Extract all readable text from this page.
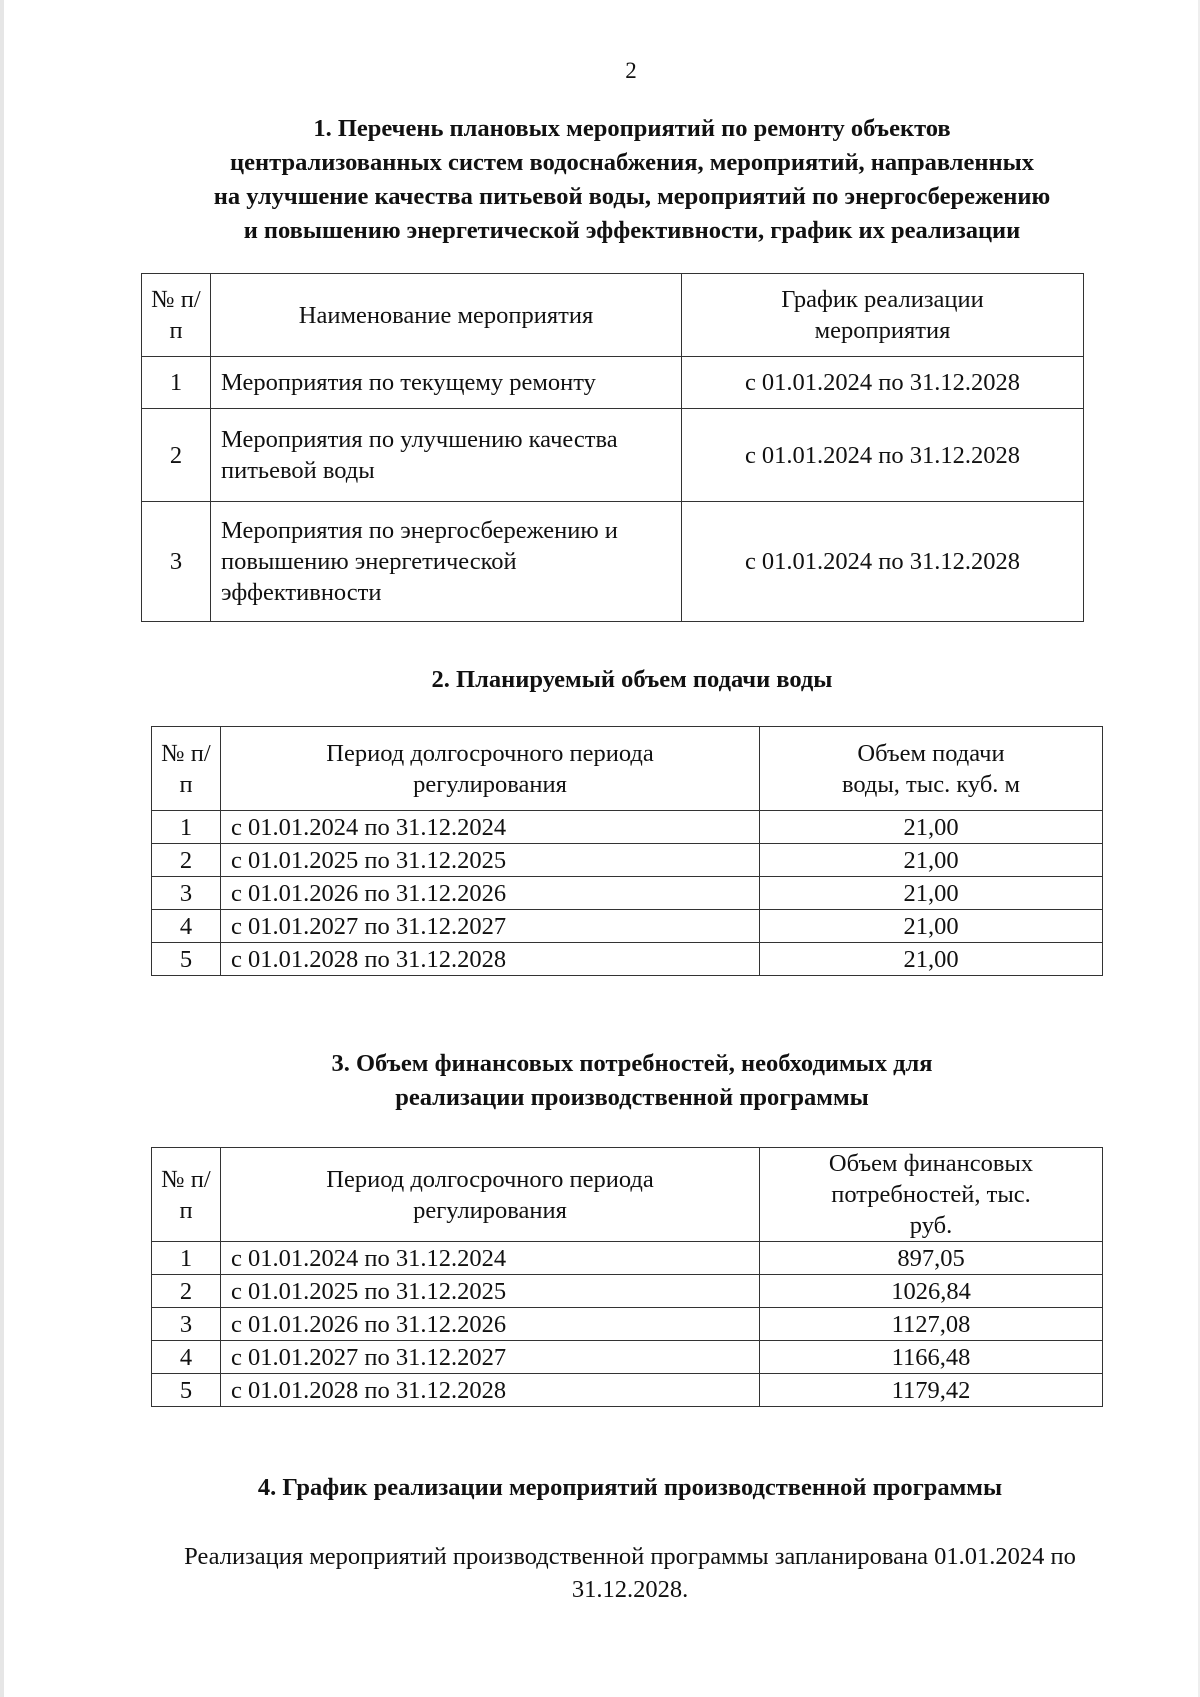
2
1. Перечень плановых мероприятий по ремонту объектов
централизованных систем водоснабжения, мероприятий, направленных
на улучшение качества питьевой воды, мероприятий по энергосбережению
и повышению энергетической эффективности, график их реализации
№ п/п	Наименование мероприятия	График реализации мероприятия
1	Мероприятия по текущему ремонту	с 01.01.2024 по 31.12.2028
2	Мероприятия по улучшению качества питьевой воды	с 01.01.2024 по 31.12.2028
3	Мероприятия по энергосбережению и повышению энергетической эффективности	с 01.01.2024 по 31.12.2028
2. Планируемый объем подачи воды
№ п/п	Период долгосрочного периода регулирования	Объем подачи воды, тыс. куб. м
1	с 01.01.2024 по 31.12.2024	21,00
2	с 01.01.2025 по 31.12.2025	21,00
3	с 01.01.2026 по 31.12.2026	21,00
4	с 01.01.2027 по 31.12.2027	21,00
5	с 01.01.2028 по 31.12.2028	21,00
3. Объем финансовых потребностей, необходимых для
реализации производственной программы
№ п/п	Период долгосрочного периода регулирования	Объем финансовых потребностей, тыс. руб.
1	с 01.01.2024 по 31.12.2024	897,05
2	с 01.01.2025 по 31.12.2025	1026,84
3	с 01.01.2026 по 31.12.2026	1127,08
4	с 01.01.2027 по 31.12.2027	1166,48
5	с 01.01.2028 по 31.12.2028	1179,42
4. График реализации мероприятий производственной программы
Реализация мероприятий производственной программы запланирована 01.01.2024 по 31.12.2028.
